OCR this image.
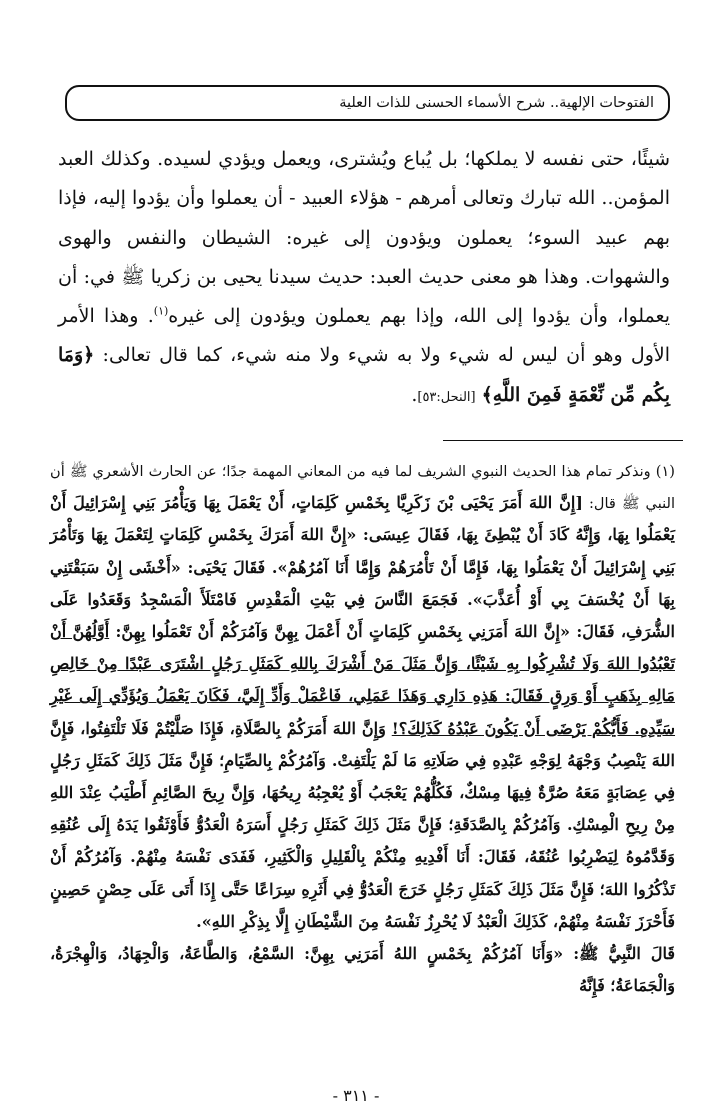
الفتوحات الإلهية.. شرح الأسماء الحسنى للذات العلية

شيئًا، حتى نفسه لا يملكها؛ بل يُباع ويُشترى، ويعمل ويؤدي لسيده. وكذلك العبد المؤمن.. الله تبارك وتعالى أمرهم - هؤلاء العبيد - أن يعملوا وأن يؤدوا إليه، فإذا بهم عبيد السوء؛ يعملون ويؤدون إلى غيره: الشيطان والنفس والهوى والشهوات. وهذا هو معنى حديث العبد: حديث سيدنا يحيى بن زكريا ﷺ في: أن يعملوا، وأن يؤدوا إلى الله، وإذا بهم يعملون ويؤدون إلى غيره$^{(١)}$. وهذا الأمر الأول وهو أن ليس له شيء ولا به شيء ولا منه شيء، كما قال تعالى: ﴿وَمَا بِكُم مِّن نِّعْمَةٍ فَمِنَ اللَّهِ﴾ [النحل:٥٣].

(١) ونذكر تمام هذا الحديث النبوي الشريف لما فيه من المعاني المهمة جدًا؛ عن الحارث الأشعري ﷺ أن النبي ﷺ قال: [إِنَّ اللهَ أَمَرَ يَحْيَى بْنَ زَكَرِيَّا بِخَمْسِ كَلِمَاتٍ، أَنْ يَعْمَلَ بِهَا وَيَأْمُرَ بَنِي إِسْرَائِيلَ أَنْ يَعْمَلُوا بِهَا، وَإِنَّهُ كَادَ أَنْ يُبْطِئَ بِهَا، فَقَالَ عِيسَى: «إِنَّ اللهَ أَمَرَكَ بِخَمْسِ كَلِمَاتٍ لِتَعْمَلَ بِهَا وَتَأْمُرَ بَنِي إِسْرَائِيلَ أَنْ يَعْمَلُوا بِهَا، فَإِمَّا أَنْ تَأْمُرَهُمْ وَإِمَّا أَنَا آمُرُهُمْ». فَقَالَ يَحْيَى: «أَخْشَى إِنْ سَبَقْتَنِي بِهَا أَنْ يُخْسَفَ بِي أَوْ أُعَذَّبَ». فَجَمَعَ النَّاسَ فِي بَيْتِ الْمَقْدِسِ فَامْتَلَأَ الْمَسْجِدُ وَقَعَدُوا عَلَى الشُّرَفِ، فَقَالَ: «إِنَّ اللهَ أَمَرَنِي بِخَمْسِ كَلِمَاتٍ أَنْ أَعْمَلَ بِهِنَّ وَآمُرَكُمْ أَنْ تَعْمَلُوا بِهِنَّ: أَوَّلُهُنَّ أَنْ تَعْبُدُوا اللهَ وَلَا تُشْرِكُوا بِهِ شَيْئًا، وَإِنَّ مَثَلَ مَنْ أَشْرَكَ بِاللهِ كَمَثَلِ رَجُلٍ اشْتَرَى عَبْدًا مِنْ خَالِصِ مَالِهِ بِذَهَبٍ أَوْ وَرِقٍ فَقَالَ: هَذِهِ دَارِي وَهَذَا عَمَلِي، فَاعْمَلْ وَأَدِّ إِلَيَّ، فَكَانَ يَعْمَلُ وَيُؤَدِّي إِلَى غَيْرِ سَيِّدِهِ. فَأَيُّكُمْ يَرْضَى أَنْ يَكُونَ عَبْدُهُ كَذَلِكَ؟! وَإِنَّ اللهَ أَمَرَكُمْ بِالصَّلَاةِ، فَإِذَا صَلَّيْتُمْ فَلَا تَلْتَفِتُوا، فَإِنَّ اللهَ يَنْصِبُ وَجْهَهُ لِوَجْهِ عَبْدِهِ فِي صَلَاتِهِ مَا لَمْ يَلْتَفِتْ. وَآمُرُكُمْ بِالصِّيَامِ؛ فَإِنَّ مَثَلَ ذَلِكَ كَمَثَلِ رَجُلٍ فِي عِصَابَةٍ مَعَهُ صُرَّةٌ فِيهَا مِسْكٌ، فَكُلُّهُمْ يَعْجَبُ أَوْ يُعْجِبُهُ رِيحُهَا، وَإِنَّ رِيحَ الصَّائِمِ أَطْيَبُ عِنْدَ اللهِ مِنْ رِيحِ الْمِسْكِ. وَآمُرُكُمْ بِالصَّدَقَةِ؛ فَإِنَّ مَثَلَ ذَلِكَ كَمَثَلِ رَجُلٍ أَسَرَهُ الْعَدُوُّ فَأَوْثَقُوا يَدَهُ إِلَى عُنُقِهِ وَقَدَّمُوهُ لِيَضْرِبُوا عُنُقَهُ، فَقَالَ: أَنَا أَفْدِيهِ مِنْكُمْ بِالْقَلِيلِ وَالْكَثِيرِ، فَفَدَى نَفْسَهُ مِنْهُمْ. وَآمُرُكُمْ أَنْ تَذْكُرُوا اللهَ؛ فَإِنَّ مَثَلَ ذَلِكَ كَمَثَلِ رَجُلٍ خَرَجَ الْعَدُوُّ فِي أَثَرِهِ سِرَاعًا حَتَّى إِذَا أَتَى عَلَى حِصْنٍ حَصِينٍ فَأَحْرَزَ نَفْسَهُ مِنْهُمْ، كَذَلِكَ الْعَبْدُ لَا يُحْرِزُ نَفْسَهُ مِنَ الشَّيْطَانِ إِلَّا بِذِكْرِ اللهِ».

قَالَ النَّبِيُّ ﷺ: «وَأَنَا آمُرُكُمْ بِخَمْسٍ اللهُ أَمَرَنِي بِهِنَّ: السَّمْعُ، وَالطَّاعَةُ، وَالْجِهَادُ، وَالْهِجْرَةُ، وَالْجَمَاعَةُ؛ فَإِنَّهُ

- ٣١١ -
